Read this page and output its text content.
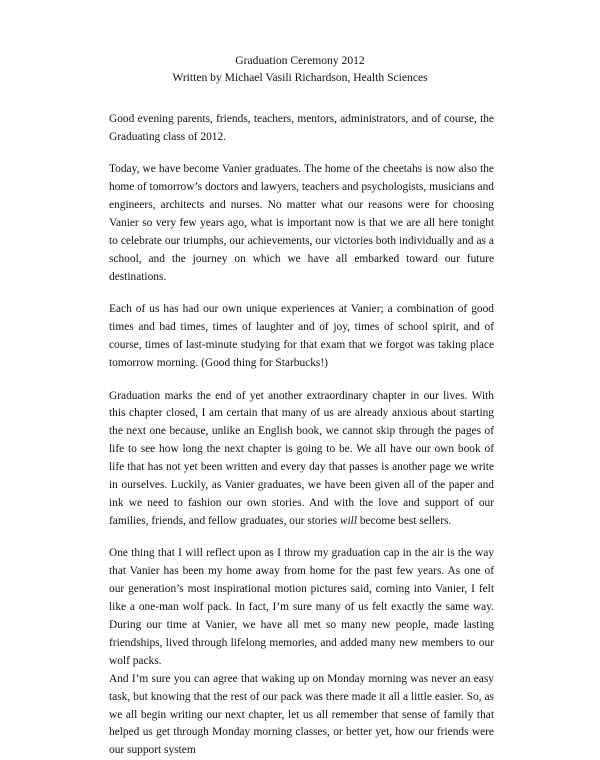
Graduation Ceremony 2012
Written by Michael Vasili Richardson, Health Sciences

Good evening parents, friends, teachers, mentors, administrators, and of course, the Graduating class of 2012.

Today, we have become Vanier graduates. The home of the cheetahs is now also the home of tomorrow’s doctors and lawyers, teachers and psychologists, musicians and engineers, architects and nurses. No matter what our reasons were for choosing Vanier so very few years ago, what is important now is that we are all here tonight to celebrate our triumphs, our achievements, our victories both individually and as a school, and the journey on which we have all embarked toward our future destinations.

Each of us has had our own unique experiences at Vanier; a combination of good times and bad times, times of laughter and of joy, times of school spirit, and of course, times of last-minute studying for that exam that we forgot was taking place tomorrow morning. (Good thing for Starbucks!)

Graduation marks the end of yet another extraordinary chapter in our lives. With this chapter closed, I am certain that many of us are already anxious about starting the next one because, unlike an English book, we cannot skip through the pages of life to see how long the next chapter is going to be. We all have our own book of life that has not yet been written and every day that passes is another page we write in ourselves. Luckily, as Vanier graduates, we have been given all of the paper and ink we need to fashion our own stories. And with the love and support of our families, friends, and fellow graduates, our stories will become best sellers.

One thing that I will reflect upon as I throw my graduation cap in the air is the way that Vanier has been my home away from home for the past few years. As one of our generation’s most inspirational motion pictures said, coming into Vanier, I felt like a one-man wolf pack. In fact, I’m sure many of us felt exactly the same way. During our time at Vanier, we have all met so many new people, made lasting friendships, lived through lifelong memories, and added many new members to our wolf packs.

And I’m sure you can agree that waking up on Monday morning was never an easy task, but knowing that the rest of our pack was there made it all a little easier. So, as we all begin writing our next chapter, let us all remember that sense of family that helped us get through Monday morning classes, or better yet, how our friends were our support system
